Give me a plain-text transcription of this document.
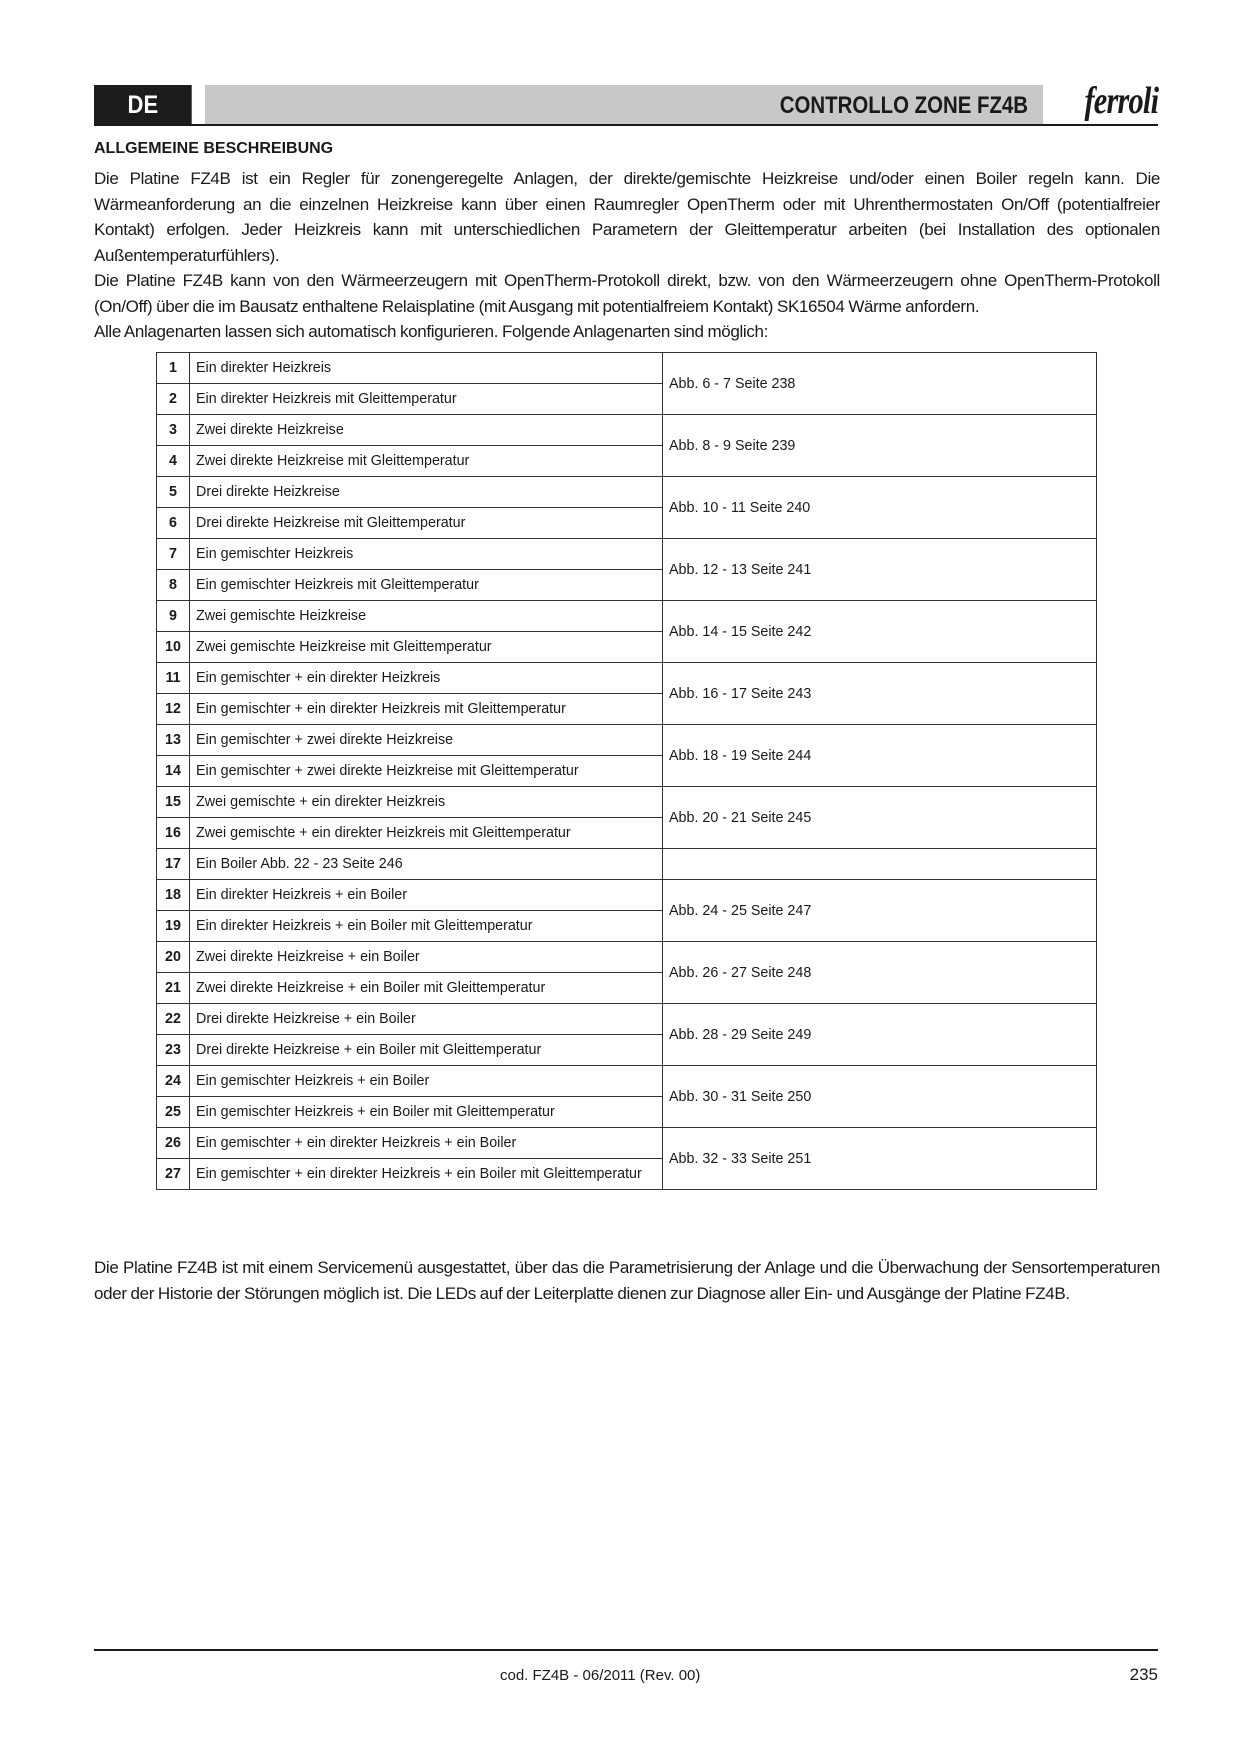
DE	CONTROLLO ZONE FZ4B ferroli
ALLGEMEINE BESCHREIBUNG

Die Platine FZ4B ist ein Regler für zonengeregelte Anlagen, der direkte/gemischte Heizkreise und/oder einen Boiler regeln kann. Die Wärmeanforderung an die einzelnen Heizkreise kann über einen Raumregler OpenTherm oder mit Uhrenthermostaten On/Off (potentialfreier Kontakt) erfolgen. Jeder Heizkreis kann mit unterschiedlichen Parametern der Gleittemperatur arbeiten (bei Installation des optionalen Außentemperaturfühlers).

Die Platine FZ4B kann von den Wärmeerzeugern mit OpenTherm-Protokoll direkt, bzw. von den Wärmeerzeugern ohne OpenTherm-Protokoll (On/Off) über die im Bausatz enthaltene Relaisplatine (mit Ausgang mit potentialfreiem Kontakt) SK16504 Wärme anfordern.

Alle Anlagenarten lassen sich automatisch konfigurieren. Folgende Anlagenarten sind möglich:

1	Ein direkter Heizkreis	Abb. 6 - 7 Seite 238
2	Ein direkter Heizkreis mit Gleittemperatur	
3	Zwei direkte Heizkreise	Abb. 8 - 9 Seite 239
4	Zwei direkte Heizkreise mit Gleittemperatur	
5	Drei direkte Heizkreise	Abb. 10 - 11 Seite 240
6	Drei direkte Heizkreise mit Gleittemperatur	
7	Ein gemischter Heizkreis	Abb. 12 - 13 Seite 241
8	Ein gemischter Heizkreis mit Gleittemperatur	
9	Zwei gemischte Heizkreise	Abb. 14 - 15 Seite 242
10	Zwei gemischte Heizkreise mit Gleittemperatur	
11	Ein gemischter + ein direkter Heizkreis	Abb. 16 - 17 Seite 243
12	Ein gemischter + ein direkter Heizkreis mit Gleittemperatur	
13	Ein gemischter + zwei direkte Heizkreise	Abb. 18 - 19 Seite 244
14	Ein gemischter + zwei direkte Heizkreise mit Gleittemperatur	
15	Zwei gemischte + ein direkter Heizkreis	Abb. 20 - 21 Seite 245
16	Zwei gemischte + ein direkter Heizkreis mit Gleittemperatur	
17	Ein Boiler Abb. 22 - 23 Seite 246	
18	Ein direkter Heizkreis + ein Boiler	Abb. 24 - 25 Seite 247
19	Ein direkter Heizkreis + ein Boiler mit Gleittemperatur	
20	Zwei direkte Heizkreise + ein Boiler	Abb. 26 - 27 Seite 248
21	Zwei direkte Heizkreise + ein Boiler mit Gleittemperatur	
22	Drei direkte Heizkreise + ein Boiler	Abb. 28 - 29 Seite 249
23	Drei direkte Heizkreise + ein Boiler mit Gleittemperatur	
24	Ein gemischter Heizkreis + ein Boiler	Abb. 30 - 31 Seite 250
25	Ein gemischter Heizkreis + ein Boiler mit Gleittemperatur	
26	Ein gemischter + ein direkter Heizkreis + ein Boiler	Abb. 32 - 33 Seite 251
27	Ein gemischter + ein direkter Heizkreis + ein Boiler mit Gleittemperatur	

Die Platine FZ4B ist mit einem Servicemenü ausgestattet, über das die Parametrisierung der Anlage und die Überwachung der Sensortemperaturen oder der Historie der Störungen möglich ist. Die LEDs auf der Leiterplatte dienen zur Diagnose aller Ein- und Ausgänge der Platine FZ4B.

cod. FZ4B - 06/2011 (Rev. 00)	235
